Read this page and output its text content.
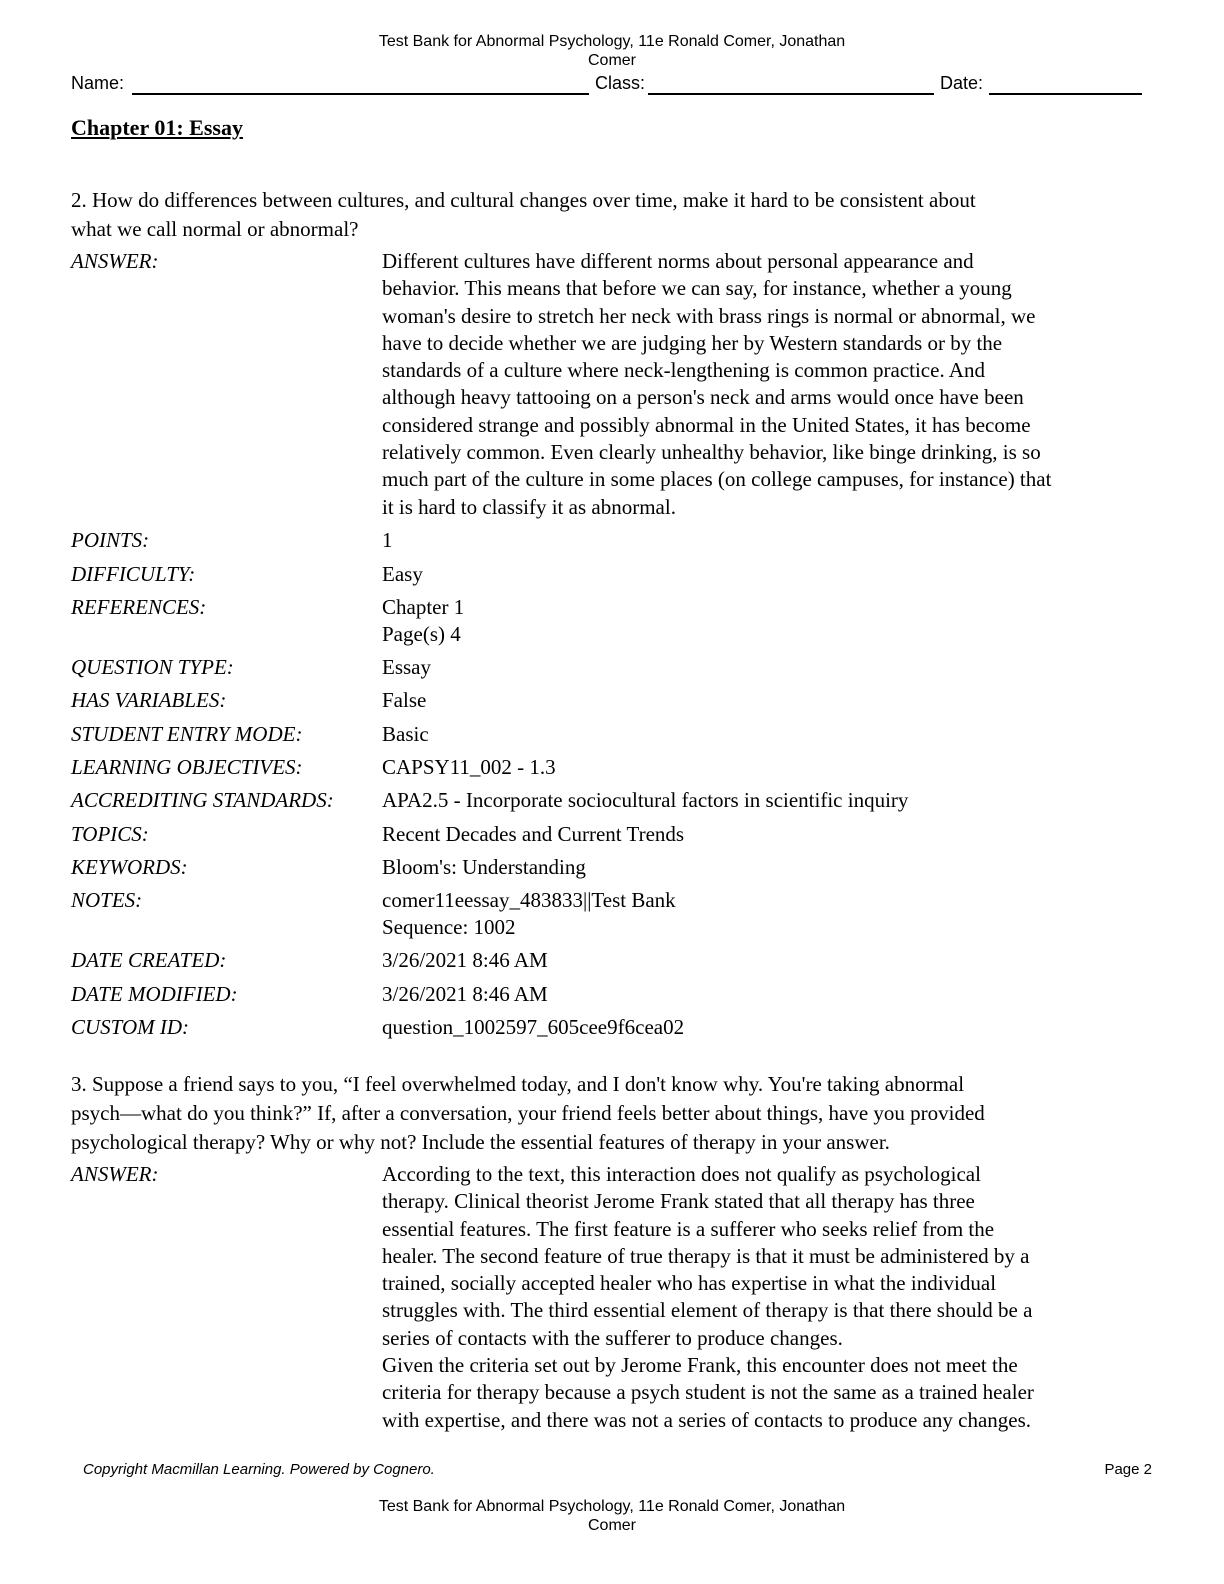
Test Bank for Abnormal Psychology, 11e Ronald Comer, Jonathan
Comer
Name:	Class:	Date:
Chapter 01: Essay
2. How do differences between cultures, and cultural changes over time, make it hard to be consistent about
what we call normal or abnormal?
ANSWER:	Different cultures have different norms about personal appearance and
behavior. This means that before we can say, for instance, whether a young
woman's desire to stretch her neck with brass rings is normal or abnormal, we
have to decide whether we are judging her by Western standards or by the
standards of a culture where neck-lengthening is common practice. And
although heavy tattooing on a person's neck and arms would once have been
considered strange and possibly abnormal in the United States, it has become
relatively common. Even clearly unhealthy behavior, like binge drinking, is so
much part of the culture in some places (on college campuses, for instance) that
it is hard to classify it as abnormal.
POINTS:	1
DIFFICULTY:	Easy
REFERENCES:	Chapter 1
Page(s) 4
QUESTION TYPE:	Essay
HAS VARIABLES:	False
STUDENT ENTRY MODE:	Basic
LEARNING OBJECTIVES:	CAPSY11_002 - 1.3
ACCREDITING STANDARDS: APA2.5 - Incorporate sociocultural factors in scientific inquiry
TOPICS:	Recent Decades and Current Trends
KEYWORDS:	Bloom's: Understanding
NOTES:	comer11eessay_483833||Test Bank
Sequence: 1002
DATE CREATED:	3/26/2021 8:46 AM
DATE MODIFIED:	3/26/2021 8:46 AM
CUSTOM ID:	question_1002597_605cee9f6cea02
3. Suppose a friend says to you, “I feel overwhelmed today, and I don't know why. You're taking abnormal
psych—what do you think?” If, after a conversation, your friend feels better about things, have you provided
psychological therapy? Why or why not? Include the essential features of therapy in your answer.
ANSWER:	According to the text, this interaction does not qualify as psychological
therapy. Clinical theorist Jerome Frank stated that all therapy has three
essential features. The first feature is a sufferer who seeks relief from the
healer. The second feature of true therapy is that it must be administered by a
trained, socially accepted healer who has expertise in what the individual
struggles with. The third essential element of therapy is that there should be a
series of contacts with the sufferer to produce changes.
Given the criteria set out by Jerome Frank, this encounter does not meet the
criteria for therapy because a psych student is not the same as a trained healer
with expertise, and there was not a series of contacts to produce any changes.
Copyright Macmillan Learning. Powered by Cognero.	Page 2
Test Bank for Abnormal Psychology, 11e Ronald Comer, Jonathan
Comer
